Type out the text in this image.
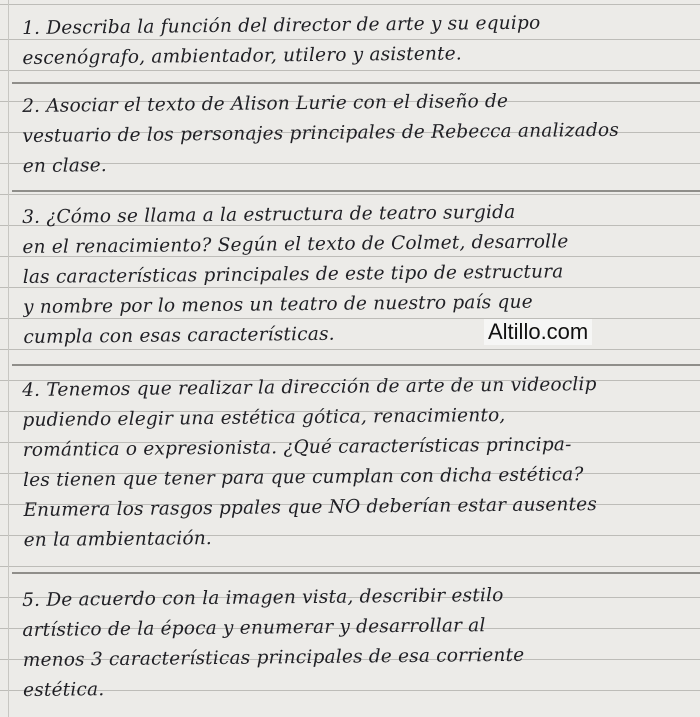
1. Describa la función del director de arte y su equipo
escenógrafo, ambientador, utilero y asistente.
2. Asociar el texto de Alison Lurie con el diseño de
vestuario de los personajes principales de Rebecca analizados
en clase.
3. ¿Cómo se llama a la estructura de teatro surgida
en el renacimiento? Según el texto de Colmet, desarrolle
las características principales de este tipo de estructura
y nombre por lo menos un teatro de nuestro país que
cumpla con esas características.
4. Tenemos que realizar la dirección de arte de un videoclip
pudiendo elegir una estética gótica, renacimiento,
romántica o expresionista. ¿Qué características principa-
les tienen que tener para que cumplan con dicha estética?
Enumera los rasgos ppales que NO deberían estar ausentes
en la ambientación.
5. De acuerdo con la imagen vista, describir estilo
artístico de la época y enumerar y desarrollar al
menos 3 características principales de esa corriente
estética.
Altillo.com
